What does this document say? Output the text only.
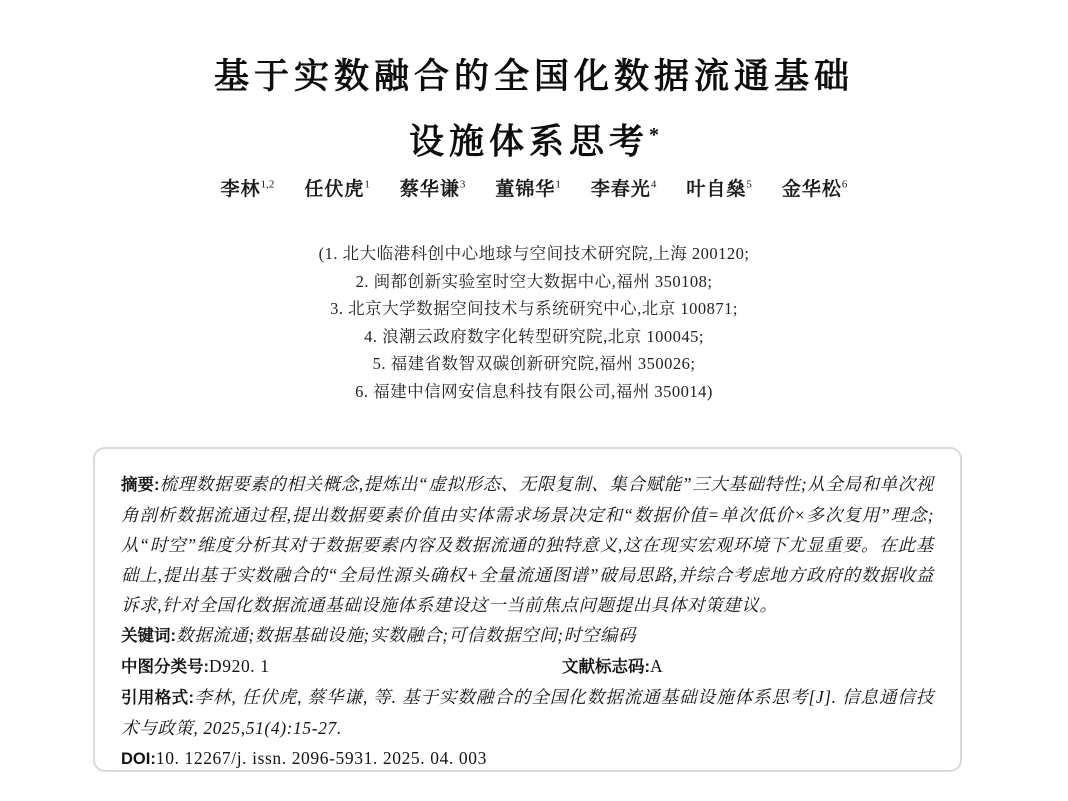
基于实数融合的全国化数据流通基础
设施体系思考*
李林$^{1,2}$ 任伏虎$^1$ 蔡华谦$^3$ 董锦华$^1$ 李春光$^4$ 叶自燊$^5$ 金华松$^6$
(1. 北大临港科创中心地球与空间技术研究院,上海 200120;
2. 闽都创新实验室时空大数据中心,福州 350108;
3. 北京大学数据空间技术与系统研究中心,北京 100871;
4. 浪潮云政府数字化转型研究院,北京 100045;
5. 福建省数智双碳创新研究院,福州 350026;
6. 福建中信网安信息科技有限公司,福州 350014)

摘要:梳理数据要素的相关概念,提炼出“虚拟形态、无限复制、集合赋能”三大基础特性;从全局和单次视角剖析数据流通过程,提出数据要素价值由实体需求场景决定和“数据价值=单次低价×多次复用”理念;从“时空”维度分析其对于数据要素内容及数据流通的独特意义,这在现实宏观环境下尤显重要。在此基础上,提出基于实数融合的“全局性源头确权+全量流通图谱”破局思路,并综合考虑地方政府的数据收益诉求,针对全国化数据流通基础设施体系建设这一当前焦点问题提出具体对策建议。

关键词:数据流通;数据基础设施;实数融合;可信数据空间;时空编码

中图分类号:D920. 1	文献标志码:A

引用格式:李林, 任伏虎, 蔡华谦, 等. 基于实数融合的全国化数据流通基础设施体系思考[J]. 信息通信技术与政策, 2025,51(4):15-27.

DOI:10. 12267/j. issn. 2096-5931. 2025. 04. 003
